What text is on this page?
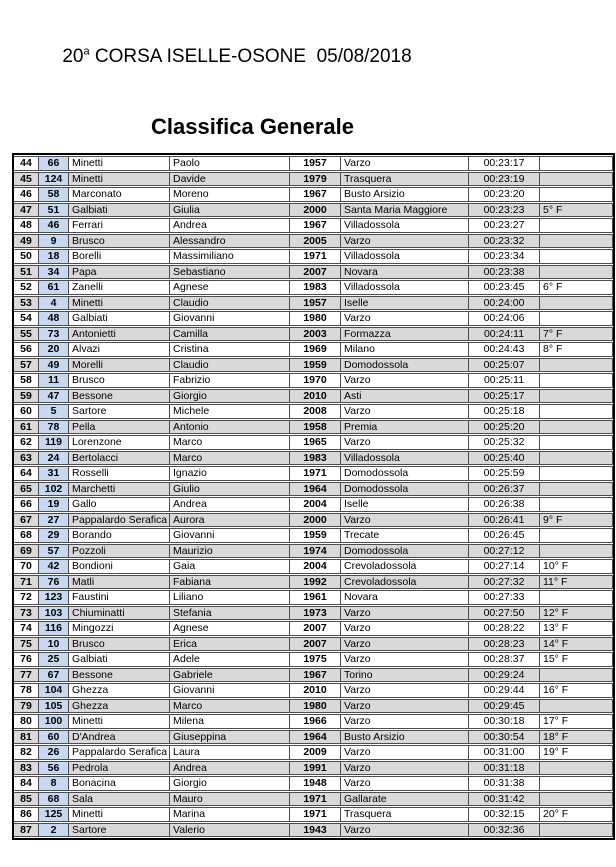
20$^a$ CORSA ISELLE-OSONE  05/08/2018
Classifica Generale
44	66	Minetti	Paolo	1957	Varzo	00:23:17	
45	124	Minetti	Davide	1979	Trasquera	00:23:19	
46	58	Marconato	Moreno	1967	Busto Arsizio	00:23:20	
47	51	Galbiati	Giulia	2000	Santa Maria Maggiore	00:23:23	5° F
48	46	Ferrari	Andrea	1967	Villadossola	00:23:27	
49	9	Brusco	Alessandro	2005	Varzo	00:23:32	
50	18	Borelli	Massimiliano	1971	Villadossola	00:23:34	
51	34	Papa	Sebastiano	2007	Novara	00:23:38	
52	61	Zanelli	Agnese	1983	Villadossola	00:23:45	6° F
53	4	Minetti	Claudio	1957	Iselle	00:24:00	
54	48	Galbiati	Giovanni	1980	Varzo	00:24:06	
55	73	Antonietti	Camilla	2003	Formazza	00:24:11	7° F
56	20	Alvazi	Cristina	1969	Milano	00:24:43	8° F
57	49	Morelli	Claudio	1959	Domodossola	00:25:07	
58	11	Brusco	Fabrizio	1970	Varzo	00:25:11	
59	47	Bessone	Giorgio	2010	Asti	00:25:17	
60	5	Sartore	Michele	2008	Varzo	00:25:18	
61	78	Pella	Antonio	1958	Premia	00:25:20	
62	119	Lorenzone	Marco	1965	Varzo	00:25:32	
63	24	Bertolacci	Marco	1983	Villadossola	00:25:40	
64	31	Rosselli	Ignazio	1971	Domodossola	00:25:59	
65	102	Marchetti	Giulio	1964	Domodossola	00:26:37	
66	19	Gallo	Andrea	2004	Iselle	00:26:38	
67	27	Pappalardo Serafica	Aurora	2000	Varzo	00:26:41	9° F
68	29	Borando	Giovanni	1959	Trecate	00:26:45	
69	57	Pozzoli	Maurizio	1974	Domodossola	00:27:12	
70	42	Bondioni	Gaia	2004	Crevoladossola	00:27:14	10° F
71	76	Matli	Fabiana	1992	Crevoladossola	00:27:32	11° F
72	123	Faustini	Liliano	1961	Novara	00:27:33	
73	103	Chiuminatti	Stefania	1973	Varzo	00:27:50	12° F
74	116	Mingozzi	Agnese	2007	Varzo	00:28:22	13° F
75	10	Brusco	Erica	2007	Varzo	00:28:23	14° F
76	25	Galbiati	Adele	1975	Varzo	00:28:37	15° F
77	67	Bessone	Gabriele	1967	Torino	00:29:24	
78	104	Ghezza	Giovanni	2010	Varzo	00:29:44	16° F
79	105	Ghezza	Marco	1980	Varzo	00:29:45	
80	100	Minetti	Milena	1966	Varzo	00:30:18	17° F
81	60	D'Andrea	Giuseppina	1964	Busto Arsizio	00:30:54	18° F
82	26	Pappalardo Serafica	Laura	2009	Varzo	00:31:00	19° F
83	56	Pedrola	Andrea	1991	Varzo	00:31:18	
84	8	Bonacina	Giorgio	1948	Varzo	00:31:38	
85	68	Sala	Mauro	1971	Gallarate	00:31:42	
86	125	Minetti	Marina	1971	Trasquera	00:32:15	20° F
87	2	Sartore	Valerio	1943	Varzo	00:32:36	
